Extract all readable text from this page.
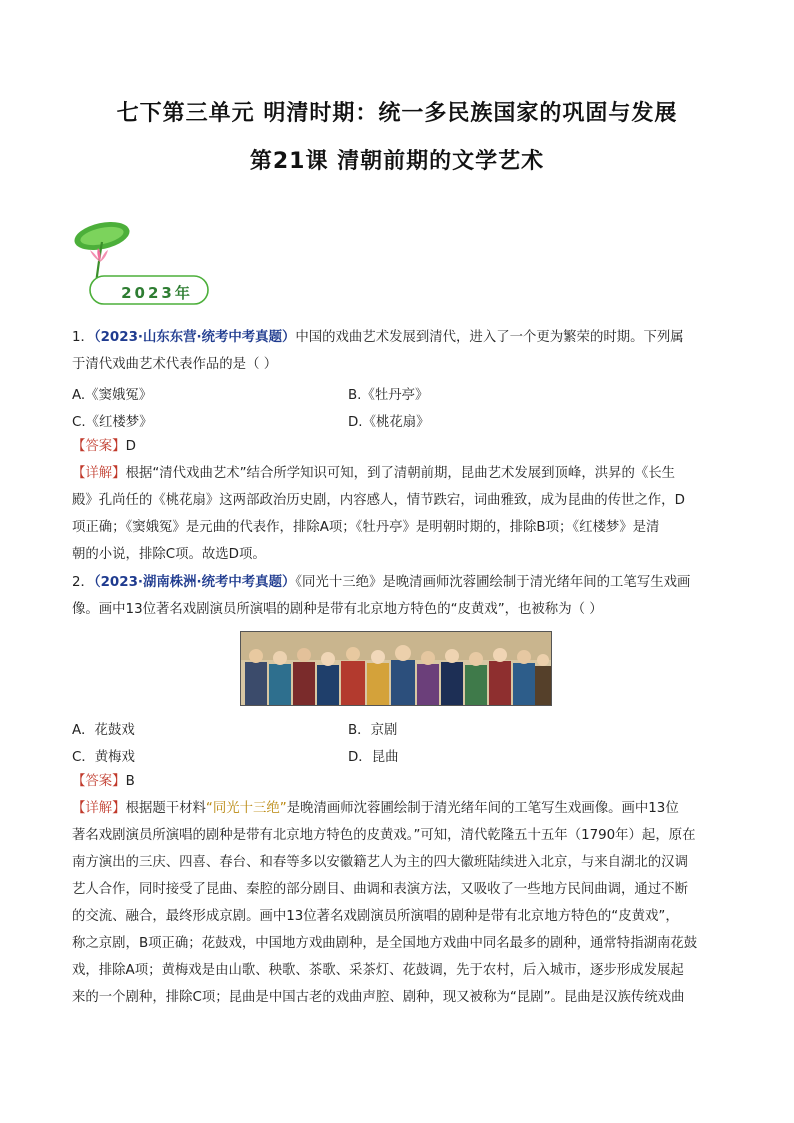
七下第三单元 明清时期：统一多民族国家的巩固与发展
第21课 清朝前期的文学艺术
2023年
1．（2023·山东东营·统考中考真题）中国的戏曲艺术发展到清代，进入了一个更为繁荣的时期。下列属
于清代戏曲艺术代表作品的是（ ）
A.《窦娥冤》	B.《牡丹亭》
C.《红楼梦》	D.《桃花扇》
【答案】D
【详解】根据“清代戏曲艺术”结合所学知识可知，到了清朝前期，昆曲艺术发展到顶峰，洪昇的《长生
殿》孔尚任的《桃花扇》这两部政治历史剧，内容感人，情节跌宕，词曲雅致，成为昆曲的传世之作，D
项正确；《窦娥冤》是元曲的代表作，排除A项；《牡丹亭》是明朝时期的，排除B项；《红楼梦》是清
朝的小说，排除C项。故选D项。
2．（2023·湖南株洲·统考中考真题）《同光十三绝》是晚清画师沈蓉圃绘制于清光绪年间的工笔写生戏画
像。画中13位著名戏剧演员所演唱的剧种是带有北京地方特色的“皮黄戏”，也被称为（ ）
A．花鼓戏	B．京剧
C．黄梅戏	D．昆曲
【答案】B
【详解】根据题干材料“同光十三绝”是晚清画师沈蓉圃绘制于清光绪年间的工笔写生戏画像。画中13位
著名戏剧演员所演唱的剧种是带有北京地方特色的皮黄戏。”可知，清代乾隆五十五年（1790年）起，原在
南方演出的三庆、四喜、春台、和春等多以安徽籍艺人为主的四大徽班陆续进入北京，与来自湖北的汉调
艺人合作，同时接受了昆曲、秦腔的部分剧目、曲调和表演方法，又吸收了一些地方民间曲调，通过不断
的交流、融合，最终形成京剧。画中13位著名戏剧演员所演唱的剧种是带有北京地方特色的“皮黄戏”，
称之京剧，B项正确；花鼓戏，中国地方戏曲剧种，是全国地方戏曲中同名最多的剧种，通常特指湖南花鼓
戏，排除A项；黄梅戏是由山歌、秧歌、茶歌、采茶灯、花鼓调，先于农村，后入城市，逐步形成发展起
来的一个剧种，排除C项；昆曲是中国古老的戏曲声腔、剧种，现又被称为“昆剧”。昆曲是汉族传统戏曲
